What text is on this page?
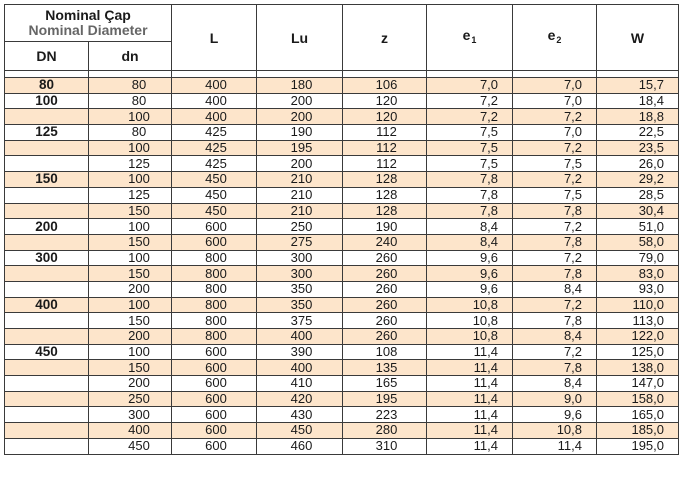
Nominal Çap
Nominal Diameter		L	Lu	z	$e_1$	$e_2$	W
DN	dn						

80	80	400	180	106	7,0	7,0	15,7
100	80	400	200	120	7,2	7,0	18,4
	100	400	200	120	7,2	7,2	18,8
125	80	425	190	112	7,5	7,0	22,5
	100	425	195	112	7,5	7,2	23,5
	125	425	200	112	7,5	7,5	26,0
150	100	450	210	128	7,8	7,2	29,2
	125	450	210	128	7,8	7,5	28,5
	150	450	210	128	7,8	7,8	30,4
200	100	600	250	190	8,4	7,2	51,0
	150	600	275	240	8,4	7,8	58,0
300	100	800	300	260	9,6	7,2	79,0
	150	800	300	260	9,6	7,8	83,0
	200	800	350	260	9,6	8,4	93,0
400	100	800	350	260	10,8	7,2	110,0
	150	800	375	260	10,8	7,8	113,0
	200	800	400	260	10,8	8,4	122,0
450	100	600	390	108	11,4	7,2	125,0
	150	600	400	135	11,4	7,8	138,0
	200	600	410	165	11,4	8,4	147,0
	250	600	420	195	11,4	9,0	158,0
	300	600	430	223	11,4	9,6	165,0
	400	600	450	280	11,4	10,8	185,0
	450	600	460	310	11,4	11,4	195,0
